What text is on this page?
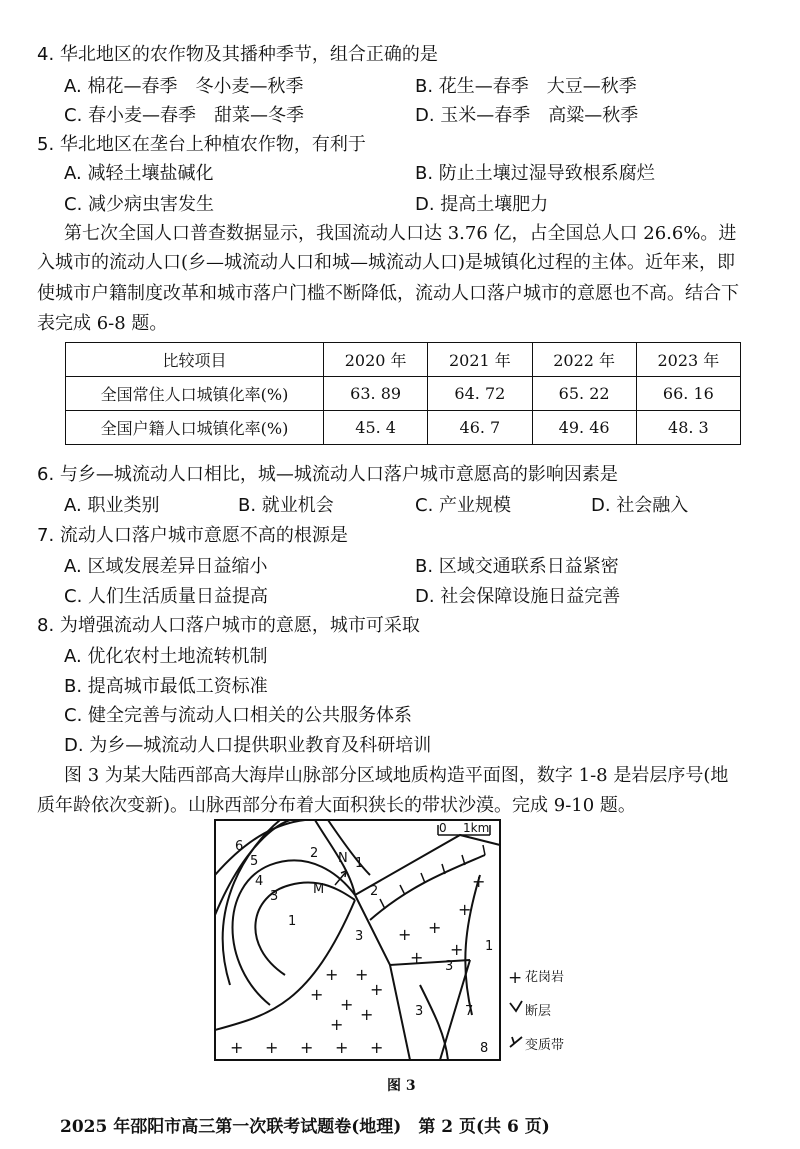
4. 华北地区的农作物及其播种季节，组合正确的是
A. 棉花—春季　冬小麦—秋季	B. 花生—春季　大豆—秋季
C. 春小麦—春季　甜菜—冬季	D. 玉米—春季　高粱—秋季
5. 华北地区在垄台上种植农作物，有利于
A. 减轻土壤盐碱化	B. 防止土壤过湿导致根系腐烂
C. 减少病虫害发生	D. 提高土壤肥力
第七次全国人口普查数据显示，我国流动人口达 3.76 亿，占全国总人口 26.6%。进
入城市的流动人口(乡—城流动人口和城—城流动人口)是城镇化过程的主体。近年来，即
使城市户籍制度改革和城市落户门槛不断降低，流动人口落户城市的意愿也不高。结合下
表完成 6-8 题。
比较项目	2020 年	2021 年	2022 年	2023 年
全国常住人口城镇化率(%)	63. 89	64. 72	65. 22	66. 16
全国户籍人口城镇化率(%)	45. 4	46. 7	49. 46	48. 3
6. 与乡—城流动人口相比，城—城流动人口落户城市意愿高的影响因素是
A. 职业类别	B. 就业机会	C. 产业规模	D. 社会融入
7. 流动人口落户城市意愿不高的根源是
A. 区域发展差异日益缩小	B. 区域交通联系日益紧密
C. 人们生活质量日益提高	D. 社会保障设施日益完善
8. 为增强流动人口落户城市的意愿，城市可采取
A. 优化农村土地流转机制
B. 提高城市最低工资标准
C. 健全完善与流动人口相关的公共服务体系
D. 为乡—城流动人口提供职业教育及科研培训
图 3 为某大陆西部高大海岸山脉部分区域地质构造平面图，数字 1-8 是岩层序号(地
质年龄依次变新)。山脉西部分布着大面积狭长的带状沙漠。完成 9-10 题。
+ +
+
+ +
+
+
+
+
+
+
+ + + + +
+ +
6
5
4
3
2
1
1
2
3
3
1
3	7
8
M
N
0 1km
+ 花岗岩
断层
变质带
图 3
2025 年邵阳市高三第一次联考试题卷(地理)　第 2 页(共 6 页)
